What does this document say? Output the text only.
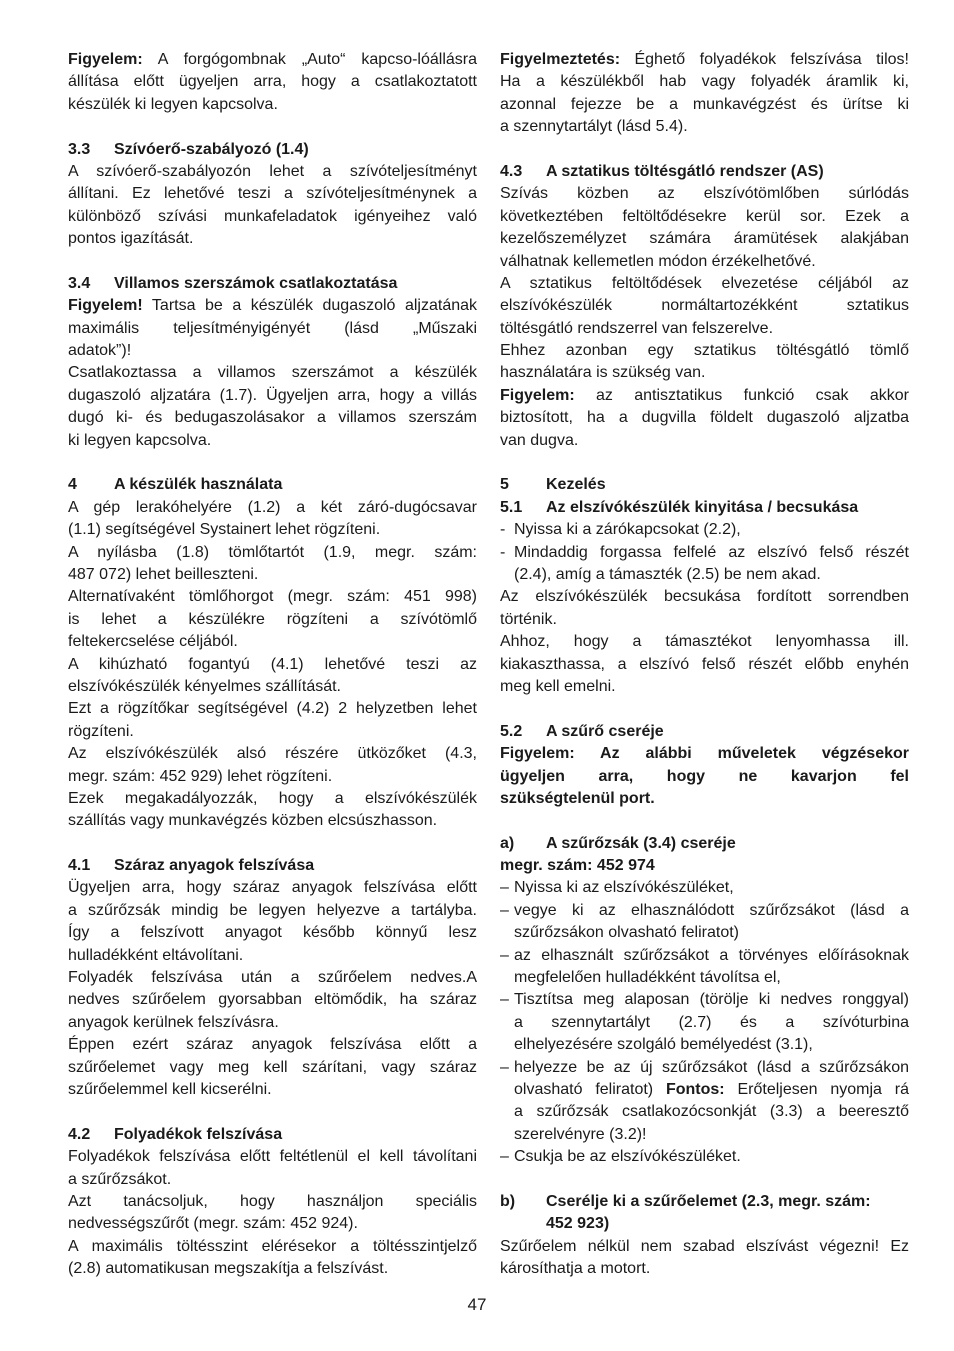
Figyelem: A forgógombnak „Auto“ kapcso-lóállásra
állítása előtt ügyeljen arra, hogy a csatlakoztatott
készülék ki legyen kapcsolva.
3.3 Szívóerő-szabályozó (1.4)
A szívóerő-szabályozón lehet a szívóteljesítményt
állítani. Ez lehetővé teszi a szívóteljesítménynek a
különböző szívási munkafeladatok igényeihez való
pontos igazítását.
3.4 Villamos szerszámok csatlakoztatása
Figyelem! Tartsa be a készülék dugaszoló aljzatának
maximális teljesítményigényét (lásd „Műszaki
adatok”)!
Csatlakoztassa a villamos szerszámot a készülék
dugaszoló aljzatára (1.7). Ügyeljen arra, hogy a villás
dugó ki- és bedugaszolásakor a villamos szerszám
ki legyen kapcsolva.
4 A készülék használata
A gép lerakóhelyére (1.2) a két záró-dugócsavar
(1.1) segítségével Systainert lehet rögzíteni.
A nyílásba (1.8) tömlőtartót (1.9, megr. szám:
487 072) lehet beilleszteni.
Alternatívaként tömlőhorgot (megr. szám: 451 998)
is lehet a készülékre rögzíteni a szívótömlő
feltekercselése céljából.
A kihúzható fogantyú (4.1) lehetővé teszi az
elszívókészülék kényelmes szállítását.
Ezt a rögzítőkar segítségével (4.2) 2 helyzetben lehet
rögzíteni.
Az elszívókészülék alsó részére ütközőket (4.3,
megr. szám: 452 929) lehet rögzíteni.
Ezek megakadályozzák, hogy a elszívókészülék
szállítás vagy munkavégzés közben elcsúszhasson.
4.1 Száraz anyagok felszívása
Ügyeljen arra, hogy száraz anyagok felszívása előtt
a szűrőzsák mindig be legyen helyezve a tartályba.
Így a felszívott anyagot később könnyű lesz
hulladékként eltávolítani.
Folyadék felszívása után a szűrőelem nedves.A
nedves szűrőelem gyorsabban eltömődik, ha száraz
anyagok kerülnek felszívásra.
Éppen ezért száraz anyagok felszívása előtt a
szűrőelemet vagy meg kell szárítani, vagy száraz
szűrőelemmel kell kicserélni.
4.2 Folyadékok felszívása
Folyadékok felszívása előtt feltétlenül el kell távolítani
a szűrőzsákot.
Azt tanácsoljuk, hogy használjon speciális
nedvességszűrőt (megr. szám: 452 924).
A maximális töltésszint elérésekor a töltésszintjelző
(2.8) automatikusan megszakítja a felszívást.
Figyelmeztetés: Éghető folyadékok felszívása tilos!
Ha a készülékből hab vagy folyadék áramlik ki,
azonnal fejezze be a munkavégzést és ürítse ki
a szennytartályt (lásd 5.4).
4.3 A sztatikus töltésgátló rendszer (AS)
Szívás közben az elszívótömlőben súrlódás
következtében feltöltődésekre kerül sor. Ezek a
kezelőszemélyzet számára áramütések alakjában
válhatnak kellemetlen módon érzékelhetővé.
A sztatikus feltöltődések elvezetése céljából az
elszívókészülék normáltartozékként sztatikus
töltésgátló rendszerrel van felszerelve.
Ehhez azonban egy sztatikus töltésgátló tömlő
használatára is szükség van.
Figyelem: az antisztatikus funkció csak akkor
biztosított, ha a dugvilla földelt dugaszoló aljzatba
van dugva.
5 Kezelés
5.1 Az elszívókészülék kinyitása / becsukása
- Nyissa ki a zárókapcsokat (2.2),
- Mindaddig forgassa felfelé az elszívó felső részét
(2.4), amíg a támaszték (2.5) be nem akad.
Az elszívókészülék becsukása fordított sorrendben
történik.
Ahhoz, hogy a támasztékot lenyomhassa ill.
kiakaszthassa, a elszívó felső részét előbb enyhén
meg kell emelni.
5.2 A szűrő cseréje
Figyelem: Az alábbi műveletek végzésekor
ügyeljen arra, hogy ne kavarjon fel
szükségtelenül port.
a) A szűrőzsák (3.4) cseréje
megr. szám: 452 974
– Nyissa ki az elszívókészüléket,
– vegye ki az elhasználódott szűrőzsákot (lásd a
szűrőzsákon olvasható feliratot)
– az elhasznált szűrőzsákot a törvényes előírásoknak
megfelelően hulladékként távolítsa el,
– Tisztítsa meg alaposan (törölje ki nedves ronggyal)
a szennytartályt (2.7) és a szívóturbina
elhelyezésére szolgáló bemélyedést (3.1),
– helyezze be az új szűrőzsákot (lásd a szűrőzsákon
olvasható feliratot) Fontos: Erőteljesen nyomja rá
a szűrőzsák csatlakozócsonkját (3.3) a beeresztő
szerelvényre (3.2)!
– Csukja be az elszívókészüléket.
b) Cserélje ki a szűrőelemet (2.3, megr. szám:
452 923)
Szűrőelem nélkül nem szabad elszívást végezni! Ez
károsíthatja a motort.
47
